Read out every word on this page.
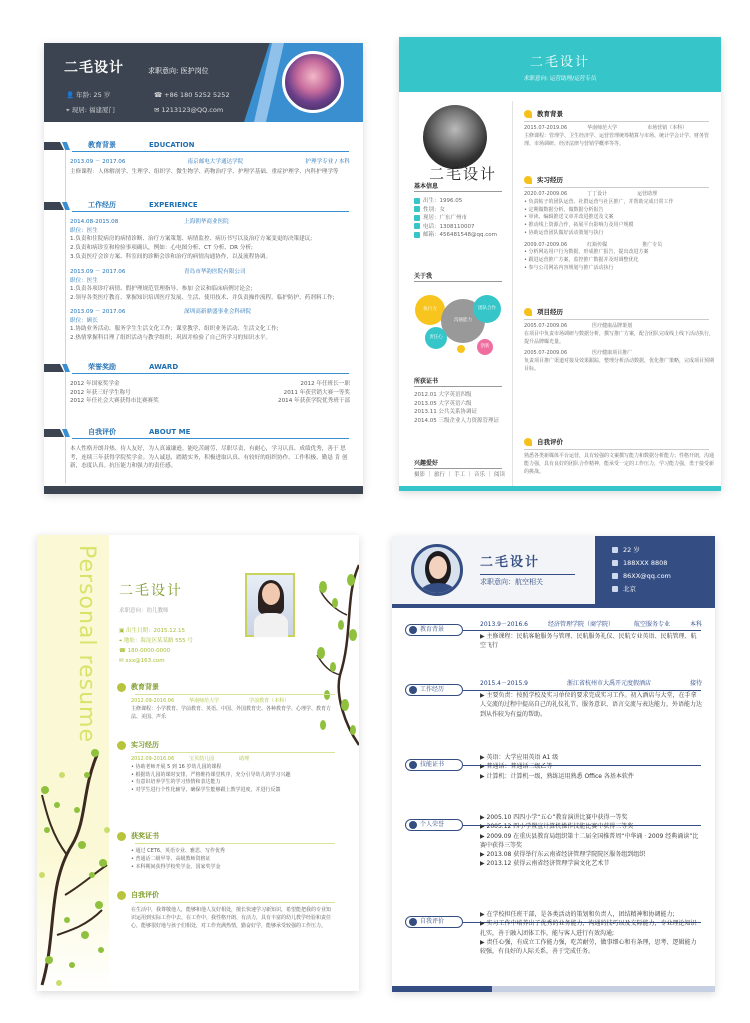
二毛设计	求职意向: 医护岗位
👤 年龄: 25 岁	☎ +86 180 5252 5252
⌖ 现居: 福建厦门	✉ 1213123@QQ.com
教育背景	EDUCATION
2013.09 － 2017.06	南京邮电大学通达学院	护理学专业 / 本科
主修课程：人体解剖学、生理学、组织学、微生物学、药物治疗学、护理学基础、重症护理学、内科护理学等
工作经历	EXPERIENCE
2014.08-2015.08	上海朝华商业医院
职位：医生
1.负责和住院病房的病情诊断、治疗方案策划、病情监控、病历书写以及治疗方案变更的决策建议;
2.负责和病诊室和检验事项确认，例如：心电图分析、CT 分析、DR 分析;
3.负责医疗会诊方案、科室间的诊断会诊和治疗的病情沟通协作，以及流程协调。
2013.09 － 2017.06	青岛市华韵医院有限公司
职位：医生
1.负责各项诊疗病情、假护理规范管理指导、参加 会议和临床病例讨论会;
2.领导各类医疗教育、掌握知识培训医疗发展、生活、使用技术、并负责操作流程、临护防护、药剂料工作;
2013.09 － 2017.06	深圳高新鼎盛事业会科研院
职位：顾长
1.协助业务活动、服务学生生活文化工作；课堂教学、组织业务活动、生活文化工作;
2.热情掌握科目理了组织活动与教学组织；巩固并检验了自己所学习的知识水平。
荣誉奖励	AWARD
2012 年国家奖学金	2012 年任班长一职
2012 年获三好学生称号	2011 年获营销大赛一等奖
2012 年任社会大赛获得市比赛赛奖	2014 年获获学院优秀班干部
自我评价	ABOUT ME
本人性格开朗并热、待人友好，为人真诚谦逊。能吃苦耐劳，尽职尽责，有耐心，学习认真、成绩优秀，善于 思考，连续三年获得学院奖学金。为人诚恳，踏踏实务，积极进取认真、有较好的组织协作、工作积极、勤恳 肯 创新，态度认真。抗压能力和强力的责任感。
二毛设计
求职意向: 运营助理/运营专员
二毛设计
基本信息
出生：1996.05
性别：女
现居：广东广州市
电话：1308110007
邮箱：456481548@qq.com
关于我
执行力
沟通能力
团队合作
责任心
创新
所获证书
2012.01 大学英语四级
2013.05 大学英语六级
2013.11 公共关系协调证
2014.05 三级企业人力资源管理证
兴趣爱好
摄影 ｜ 旅行 ｜ 手工 ｜ 音乐 ｜ 阅读
教育背景
2015.07-2019.06　　　　华南师范大学　　　　　　市场营销（本科）
主修课程：管理学、卫生经济学、运营管理统筹精算与市场、统计学会计学、财务管理、市场调研、经济法律与营销学概率等等。
实习经历
2020.07-2009.06　　　　丁丁设计　　　　　　运营助理
• 负责帖子的团队运营、社群运营与社区推广，并帮助完成日常工作
• 定期做数据分析、做数据分析报告
• 审读、编辑推送文章并改进推送及文案
• 推动线上资源合作，拓展平台影响力及用户规模
• 协助运营团队做好活动策划与执行
2009.07-2009.06　　　　红瓶传媒　　　　　　　推广专员
• 分析网站用户行为数据，形成推广报告，提出改进方案
• 跟进运营推广方案，监控推广数据并及时调整优化
• 参与公司网站内容规划与推广活动执行
项目经历
2005.07-2009.06　　　　　医疗健康品牌策划
在项目中负责市场调研与数据分析，撰写推广方案，配合团队完成线上线下活动执行，提升品牌曝光量。
2005.07-2009.06　　　　　医疗健康项目推广
负责项目推广渠道对接及效果跟踪，整理分析活动数据，优化推广策略，完成项目预期目标。
自我评价
熟悉各类新媒体平台运营，具有较强的文案撰写能力和数据分析能力；性格开朗，沟通能力强，具有良好的团队合作精神，能承受一定的工作压力，学习能力强，勇于接受新的挑战。
Personal resume 二毛设计
求职意向：幼儿教师
▣ 出生日期：2015.12.15
⌖ 地址：海淀区某某路 555 号
☎ 180-0000-0000
✉ xxx@163.com
教育背景
2012.09-2016.06　　　华南师范大学　　　　　　学前教育（本科）
主修课程：小学教育、学前教育、英语、中国、外国教育史、各种教育学、心理学、教育方法、美国、声乐
实习经历
2012.09-2016.06　　　宝贝幼儿园　　　　　助理
• 协助老师开展 5 到 16 岁幼儿园的课程
• 根据幼儿园的课时安排，严格维持课堂秩序，充分引导幼儿的学习兴趣
• 有意识培养学生的学习热情和表达能力
• 对学生进行个性化辅导，确保学生能够跟上教学进度，并进行反馈
获奖证书
• 通过 CET6、英语专业、雅思、写作优秀
• 普通话二级甲等、高级教师资格证
• 本科期间获得学校奖学金、国家奖学金
自我评价
在生活中，我尊敬他人，能够和他人友好相处，擅长快速学习新知识，希望能把我的专业知识运用到实际工作中去。在工作中，我性格开朗、有活力，具有丰富的幼儿教学经验和责任心，能够很好地与孩子们相处，对工作充满热情，勤奋好学，能够承受较强的工作压力。
二毛设计
求职意向：航空相关
22 岁
188XXX 8808
86XX@qq.com
北京
教育背景
2013.9－2016.6	经济管理学院（商学院）	航空服务专业	本科
▶ 主修课程：民航客舱服务与管理、民航服务礼仪、民航专业英语、民航管理、航空飞行
工作经历
2015.4－2015.9	浙江省杭州市大禹开元度假酒店	接待
▶ 主要负责：按照学校及实习单位的要求完成实习工作。初入酒店与大堂，在手拿人交流的过程中提高自己的礼仪礼节、服务意识、语言交流与表达能力，外语能力达到从作较为有益的帮助。
技能证书
▶ 英语：大学应用英语 A1 级
▶ 普通话：普通话二级乙等
▶ 计算机：计算机一级，熟练运用熟悉 Office 各基本软件
个人荣誉
▶ 2005.10 四四小学“五心”教育演讲比赛中获得一等奖
▶ 2005.12 四小学置宣计算机操作技能比赛中获得三等奖
▶ 2009.09 在重庆县教育局组织第十二届全国推普周“中华诵 · 2009 经典诵读”比赛中获得三等奖
▶ 2013.08 获得举行东云南省经济管理学院院区服务组到组织
▶ 2013.12 获得云南省经济管理学演文化艺术节
自我评价
▶ 在学校担任班干部，是各类活动的策划和负责人，团结精神和协调能力;
▶ 实习工作中培养出了优秀的业务能力，沟通的技巧以及交际能力，专业理论知识扎实，善于融入团体工作，能与客人进行有效沟通;
▶ 责任心强，有成立工作能力强，吃苦耐劳，做事细心和有条理，思考、逻辑能力较强，有良好的人际关系，善于完成任务。
